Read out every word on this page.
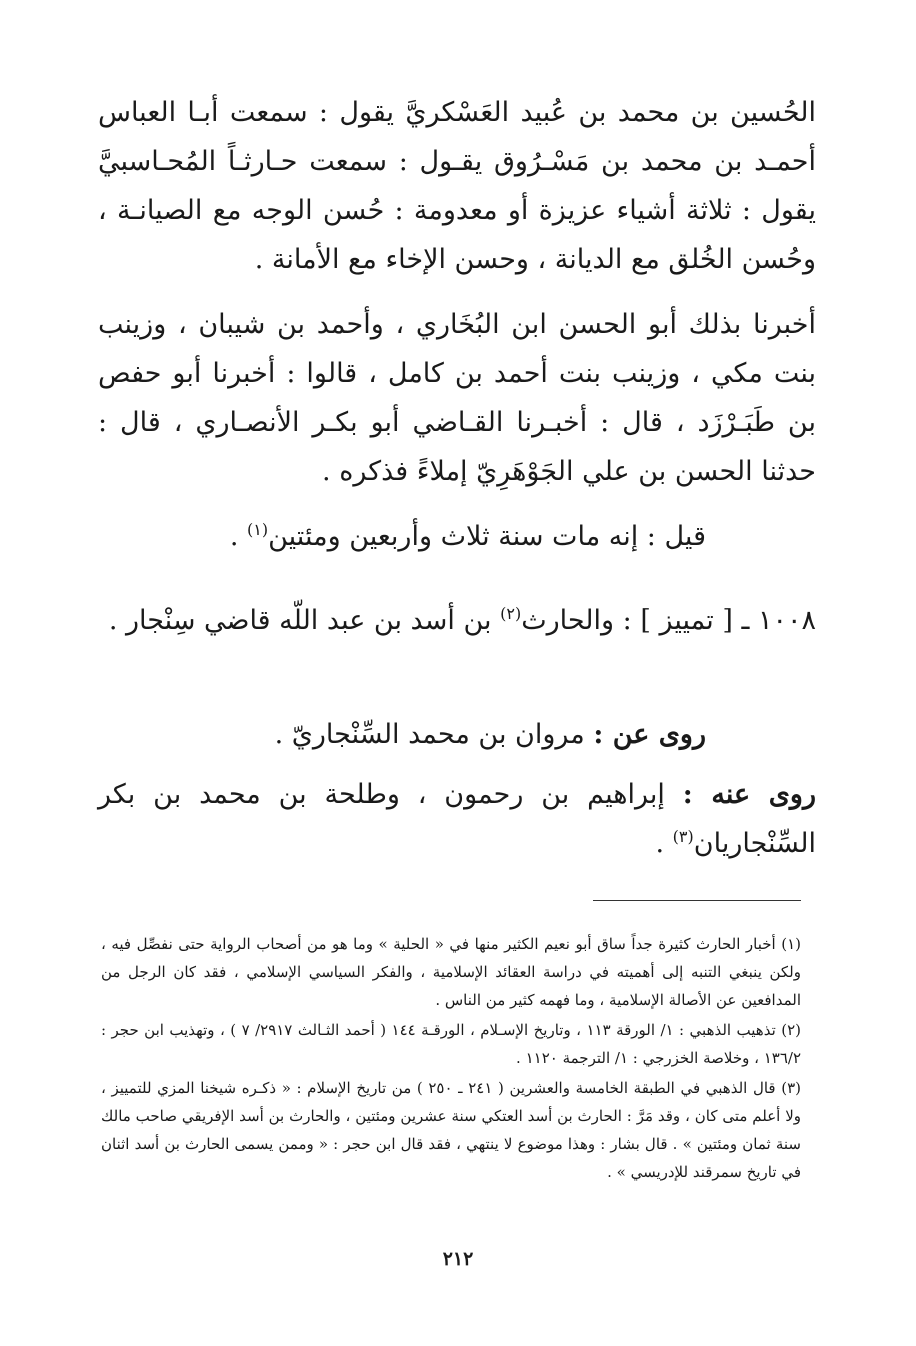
الحُسين بن محمد بن عُبيد العَسْكريَّ يقول : سمعت أبـا العباس أحمـد بن محمد بن مَسْـرُوق يقـول : سمعت حـارثـاً المُحـاسبيَّ يقول : ثلاثة أشياء عزيزة أو معدومة : حُسن الوجه مع الصيانـة ، وحُسن الخُلق مع الديانة ، وحسن الإخاء مع الأمانة .

أخبرنا بذلك أبو الحسن ابن البُخَاري ، وأحمد بن شيبان ، وزينب بنت مكي ، وزينب بنت أحمد بن كامل ، قالوا : أخبرنا أبو حفص بن طَبَـرْزَد ، قال : أخبـرنا القـاضي أبو بكـر الأنصـاري ، قال : حدثنا الحسن بن علي الجَوْهَرِيّ إملاءً فذكره .

قيل : إنه مات سنة ثلاث وأربعين ومئتين$^{(١)}$ .

١٠٠٨ ـ [ تمييز ] : والحارث$^{(٢)}$ بن أسد بن عبد اللّه قاضي سِنْجار .

روى عن : مروان بن محمد السِّنْجاريّ .

روى عنه : إبراهيم بن رحمون ، وطلحة بن محمد بن بكر السِّنْجاريان$^{(٣)}$ .

(١) أخبار الحارث كثيرة جداً ساق أبو نعيم الكثير منها في « الحلية » وما هو من أصحاب الرواية حتى نفصِّل فيه ، ولكن ينبغي التنبه إلى أهميته في دراسة العقائد الإسلامية ، والفكر السياسي الإسلامي ، فقد كان الرجل من المدافعين عن الأصالة الإسلامية ، وما فهمه كثير من الناس .

(٢) تذهيب الذهبي : ١/ الورقة ١١٣ ، وتاريخ الإسـلام ، الورقـة ١٤٤ ( أحمد الثـالث ٢٩١٧/ ٧ ) ، وتهذيب ابن حجر : ١٣٦/٢ ، وخلاصة الخزرجي : ١/ الترجمة ١١٢٠ .

(٣) قال الذهبي في الطبقة الخامسة والعشرين ( ٢٤١ ـ ٢٥٠ ) من تاريخ الإسلام : « ذكـره شيخنا المزي للتمييز ، ولا أعلم متى كان ، وقد مَرَّ : الحارث بن أسد العتكي سنة عشرين ومئتين ، والحارث بن أسد الإفريقي صاحب مالك سنة ثمان ومئتين » . قال بشار : وهذا موضوع لا ينتهي ، فقد قال ابن حجر : « وممن يسمى الحارث بن أسد اثنان في تاريخ سمرقند للإدريسي » .

٢١٢
